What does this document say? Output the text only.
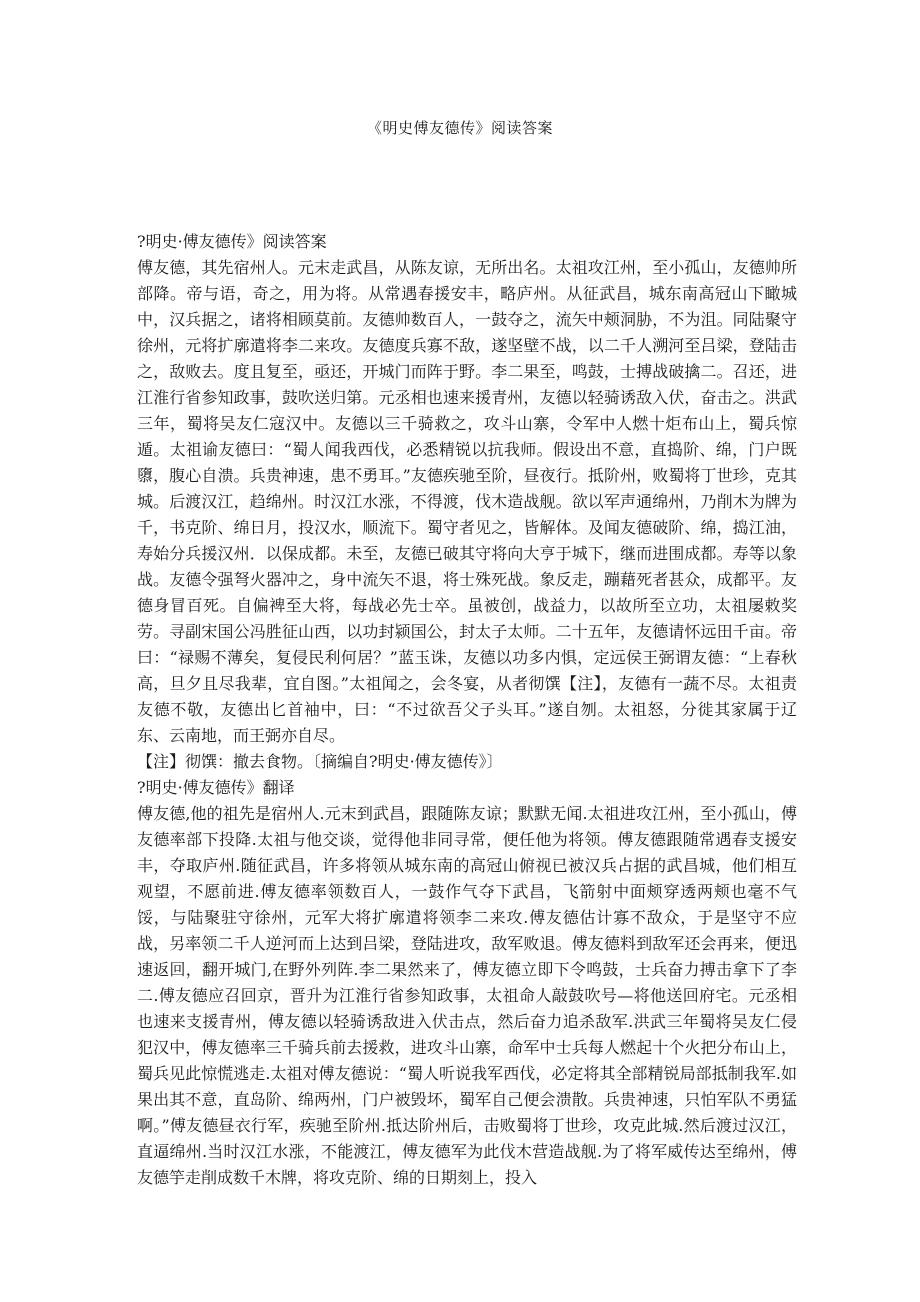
《明史傅友德传》阅读答案

?明史·傅友德传》阅读答案

傅友德，其先宿州人。元末走武昌，从陈友谅，无所出名。太祖攻江州，至小孤山，友德帅所部降。帝与语，奇之，用为将。从常遇春援安丰，略庐州。从征武昌，城东南高冠山下瞰城中，汉兵据之，诸将相顾莫前。友德帅数百人，一鼓夺之，流矢中颊洞胁，不为沮。同陆聚守徐州，元将扩廓遣将李二来攻。友德度兵寡不敌，遂坚壁不战，以二千人溯河至吕梁，登陆击之，敌败去。度且复至，亟还，开城门而阵于野。李二果至，鸣鼓，士搏战破擒二。召还，进江淮行省参知政事，鼓吹送归第。元丞相也速来援青州，友德以轻骑诱敌入伏，奋击之。洪武三年，蜀将吴友仁寇汉中。友德以三千骑救之，攻斗山寨，令军中人燃十炬布山上，蜀兵惊遁。太祖谕友德曰：“蜀人闻我西伐，必悉精锐以抗我师。假设出不意，直捣阶、绵，门户既隳，腹心自溃。兵贵神速，患不勇耳。”友德疾驰至阶，昼夜行。抵阶州，败蜀将丁世珍，克其城。后渡汉江，趋绵州。时汉江水涨，不得渡，伐木造战舰。欲以军声通绵州，乃削木为牌为千，书克阶、绵日月，投汉水，顺流下。蜀守者见之，皆解体。及闻友德破阶、绵，捣江油，寿始分兵援汉州．以保成都。未至，友德已破其守将向大亨于城下，继而进围成都。寿等以象战。友德令强弩火器冲之，身中流矢不退，将士殊死战。象反走，蹦藉死者甚众，成都平。友德身冒百死。自偏裨至大将，每战必先士卒。虽被创，战益力，以故所至立功，太祖屡敕奖劳。寻副宋国公冯胜征山西，以功封颍国公，封太子太师。二十五年，友德请怀远田千亩。帝曰：“禄赐不薄矣，复侵民利何居？”蓝玉诛，友德以功多内惧，定远侯王弼谓友德：“上春秋高，旦夕且尽我辈，宜自图。”太祖闻之，会冬宴，从者彻馔【注】，友德有一蔬不尽。太祖责友德不敬，友德出匕首袖中，曰：“不过欲吾父子头耳。”遂自刎。太祖怒，分徙其家属于辽东、云南地，而王弼亦自尽。

【注】彻馔：撤去食物。〔摘编自?明史·傅友德传》〕

?明史·傅友德传》翻译

傅友德,他的祖先是宿州人.元末到武昌，跟随陈友谅；默默无闻.太祖进攻江州，至小孤山，傅友德率部下投降.太祖与他交谈，觉得他非同寻常，便任他为将领。傅友德跟随常遇春支援安丰，夺取庐州.随征武昌，许多将领从城东南的高冠山俯视已被汉兵占据的武昌城，他们相互观望，不愿前进.傅友德率领数百人，一鼓作气夺下武昌，飞箭射中面颊穿透两颊也毫不气馁，与陆聚驻守徐州，元军大将扩廓遣将领李二来攻.傅友德估计寡不敌众，于是坚守不应战，另率领二千人逆河而上达到吕梁，登陆进攻，敌军败退。傅友德料到敌军还会再来，便迅速返回，翻开城门,在野外列阵.李二果然来了，傅友德立即下令鸣鼓，士兵奋力搏击拿下了李二.傅友德应召回京，晋升为江淮行省参知政事，太祖命人敲鼓吹号—将他送回府宅。元丞相也速来支援青州，傅友德以轻骑诱敌进入伏击点，然后奋力追杀敌军.洪武三年蜀将吴友仁侵犯汉中，傅友德率三千骑兵前去援救，进攻斗山寨，命军中士兵每人燃起十个火把分布山上，蜀兵见此惊慌逃走.太祖对傅友德说：“蜀人听说我军西伐，必定将其全部精锐局部抵制我军.如果出其不意，直岛阶、绵两州，门户被毁坏，蜀军自己便会溃散。兵贵神速，只怕军队不勇猛啊。”傅友德昼衣行军，疾驰至阶州.抵达阶州后，击败蜀将丁世珍，攻克此城.然后渡过汉江，直逼绵州.当时汉江水涨，不能渡江，傅友德军为此伐木营造战舰.为了将军威传达至绵州，傅友德竽走削成数千木牌，将攻克阶、绵的日期刻上，投入
